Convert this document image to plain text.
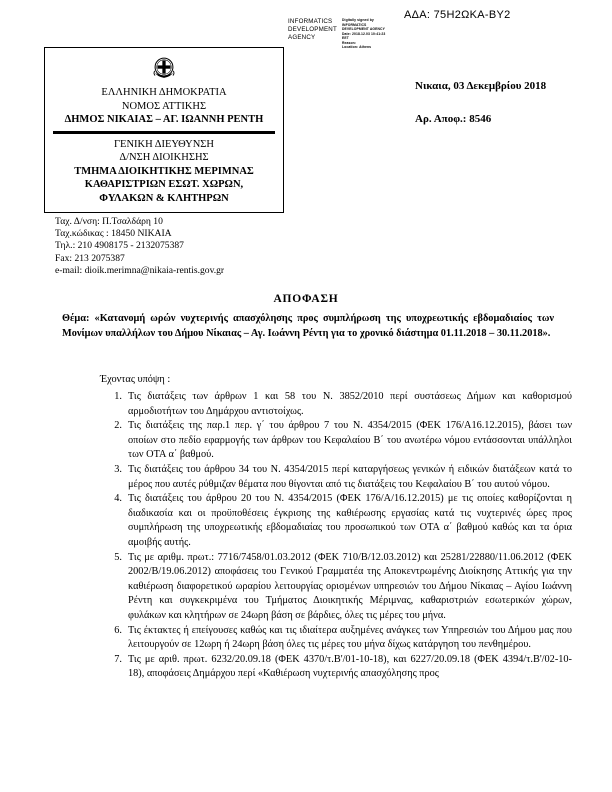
ΑΔΑ: 75Η2ΩΚΑ-ΒΥ2
INFORMATICS DEVELOPMENT AGENCY
Digitally signed by
INFORMATICS
DEVELOPMENT AGENCY
Date: 2018.12.03 10:41:23
EET
Reason:
Location: Athens
ΕΛΛΗΝΙΚΗ ΔΗΜΟΚΡΑΤΙΑ
ΝΟΜΟΣ ΑΤΤΙΚΗΣ
ΔΗΜΟΣ ΝΙΚΑΙΑΣ – ΑΓ. ΙΩΑΝΝΗ ΡΕΝΤΗ
ΓΕΝΙΚΗ ΔΙΕΥΘΥΝΣΗ
Δ/ΝΣΗ ΔΙΟΙΚΗΣΗΣ
ΤΜΗΜΑ ΔΙΟΙΚΗΤΙΚΗΣ ΜΕΡΙΜΝΑΣ
ΚΑΘΑΡΙΣΤΡΙΩΝ ΕΣΩΤ. ΧΩΡΩΝ,
ΦΥΛΑΚΩΝ & ΚΛΗΤΗΡΩΝ
Νικαια, 03 Δεκεμβρίου 2018
Αρ. Αποφ.: 8546
Ταχ. Δ/νση: Π.Τσαλδάρη 10
Ταχ.κώδικας : 18450 ΝΙΚΑΙΑ
Τηλ.: 210 4908175 - 2132075387
Fax: 213 2075387
e-mail: dioik.merimna@nikaia-rentis.gov.gr
ΑΠΟΦΑΣΗ
Θέμα: «Κατανομή ωρών νυχτερινής απασχόλησης προς συμπλήρωση της υποχρεωτικής εβδομαδιαίος των Μονίμων υπαλλήλων του Δήμου Νίκαιας – Αγ. Ιωάννη Ρέντη για το χρονικό διάστημα 01.11.2018 – 30.11.2018».
Έχοντας υπόψη :
1. Τις διατάξεις των άρθρων 1 και 58 του Ν. 3852/2010 περί συστάσεως Δήμων και καθορισμού αρμοδιοτήτων του Δημάρχου αντιστοίχως.
2. Τις διατάξεις της παρ.1 περ. γ΄ του άρθρου 7 του Ν. 4354/2015 (ΦΕΚ 176/Α16.12.2015), βάσει των οποίων στο πεδίο εφαρμογής των άρθρων του Κεφαλαίου Β΄ του ανωτέρω νόμου εντάσσονται υπάλληλοι των ΟΤΑ α΄ βαθμού.
3. Τις διατάξεις του άρθρου 34 του Ν. 4354/2015 περί καταργήσεως γενικών ή ειδικών διατάξεων κατά το μέρος που αυτές ρύθμιζαν θέματα που θίγονται από τις διατάξεις του Κεφαλαίου Β΄ του αυτού νόμου.
4. Τις διατάξεις του άρθρου 20 του Ν. 4354/2015 (ΦΕΚ 176/Α/16.12.2015) με τις οποίες καθορίζονται η διαδικασία και οι προϋποθέσεις έγκρισης της καθιέρωσης εργασίας κατά τις νυχτερινές ώρες προς συμπλήρωση της υποχρεωτικής εβδομαδιαίας του προσωπικού των ΟΤΑ α΄ βαθμού καθώς και τα όρια αμοιβής αυτής.
5. Τις με αριθμ. πρωτ.: 7716/7458/01.03.2012 (ΦΕΚ 710/Β/12.03.2012) και 25281/22880/11.06.2012 (ΦΕΚ 2002/Β/19.06.2012) αποφάσεις του Γενικού Γραμματέα της Αποκεντρωμένης Διοίκησης Αττικής για την καθιέρωση διαφορετικού ωραρίου λειτουργίας ορισμένων υπηρεσιών του Δήμου Νίκαιας – Αγίου Ιωάννη Ρέντη και συγκεκριμένα του Τμήματος Διοικητικής Μέριμνας, καθαριστριών εσωτερικών χώρων, φυλάκων και κλητήρων σε 24ωρη βάση σε βάρδιες, όλες τις μέρες του μήνα.
6. Τις έκτακτες ή επείγουσες καθώς και τις ιδιαίτερα αυξημένες ανάγκες των Υπηρεσιών του Δήμου μας που λειτουργούν σε 12ωρη ή 24ωρη βάση όλες τις μέρες του μήνα δίχως κατάργηση του πενθημέρου.
7. Τις με αριθ. πρωτ. 6232/20.09.18 (ΦΕΚ 4370/τ.Β'/01-10-18), και 6227/20.09.18 (ΦΕΚ 4394/τ.Β'/02-10-18), αποφάσεις Δημάρχου περί «Καθιέρωση νυχτερινής απασχόλησης προς
